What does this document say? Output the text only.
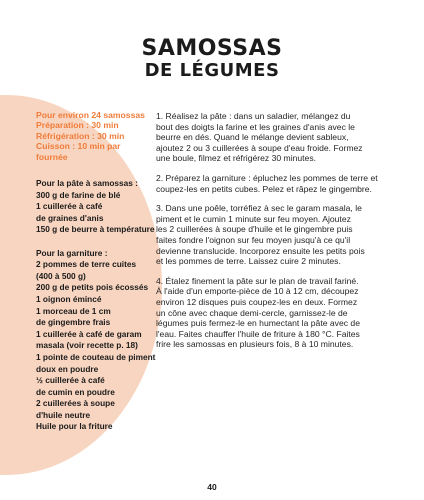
SAMOSSAS
DE LÉGUMES
Pour environ 24 samossas
Préparation : 30 min
Réfrigération : 30 min
Cuisson : 10 min par
fournée
Pour la pâte à samossas :
300 g de farine de blé
1 cuillerée à café
de graines d'anis
150 g de beurre à température
Pour la garniture :
2 pommes de terre cuites
(400 à 500 g)
200 g de petits pois écossés
1 oignon émincé
1 morceau de 1 cm
de gingembre frais
1 cuillerée à café de garam
masala (voir recette p. 18)
1 pointe de couteau de piment
doux en poudre
½ cuillerée à café
de cumin en poudre
2 cuillerées à soupe
d'huile neutre
Huile pour la friture

1. Réalisez la pâte : dans un saladier, mélangez du
bout des doigts la farine et les graines d'anis avec le
beurre en dés. Quand le mélange devient sableux,
ajoutez 2 ou 3 cuillerées à soupe d'eau froide. Formez
une boule, filmez et réfrigérez 30 minutes.

2. Préparez la garniture : épluchez les pommes de terre et
coupez-les en petits cubes. Pelez et râpez le gingembre.

3. Dans une poêle, torréfiez à sec le garam masala, le
piment et le cumin 1 minute sur feu moyen. Ajoutez
les 2 cuillerées à soupe d'huile et le gingembre puis
faites fondre l'oignon sur feu moyen jusqu'à ce qu'il
devienne translucide. Incorporez ensuite les petits pois
et les pommes de terre. Laissez cuire 2 minutes.

4. Étalez finement la pâte sur le plan de travail fariné.
À l'aide d'un emporte-pièce de 10 à 12 cm, découpez
environ 12 disques puis coupez-les en deux. Formez
un cône avec chaque demi-cercle, garnissez-le de
légumes puis fermez-le en humectant la pâte avec de
l'eau. Faites chauffer l'huile de friture à 180 °C. Faites
frire les samossas en plusieurs fois, 8 à 10 minutes.

40
